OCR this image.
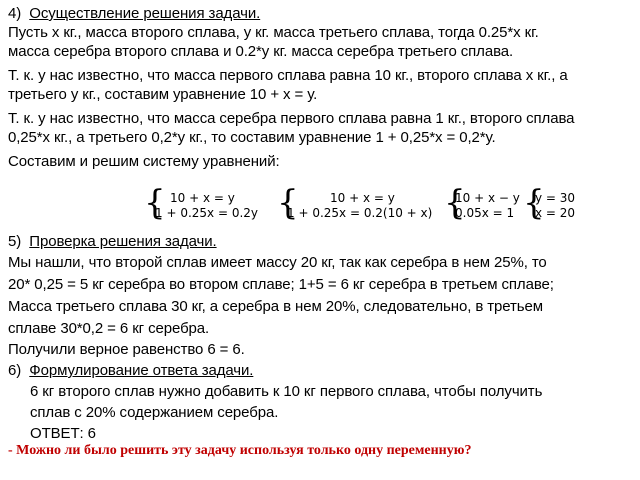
4) Осуществление решения задачи.
Пусть х кг., масса второго сплава, у кг. масса третьего сплава, тогда 0.25*х кг.
масса серебра второго сплава и 0.2*у кг. масса серебра третьего сплава.
Т. к. у нас известно, что масса первого сплава равна 10 кг., второго сплава х кг., а
третьего у кг., составим уравнение 10 + х = у.
Т. к. у нас известно, что масса серебра первого сплава равна 1 кг., второго сплава
0,25*х кг., а третьего 0,2*у кг., то составим уравнение 1 + 0,25*х = 0,2*у.
Составим и решим систему уравнений:
{ 10 + x = y
1 + 0.25x = 0.2y {	10 + x = y
1 + 0.25x = 0.2(10 + x) {
10 + x − y
0.05x = 1 {
y = 30
x = 20
5) Проверка решения задачи.
Мы нашли, что второй сплав имеет массу 20 кг, так как серебра в нем 25%, то
20* 0,25 = 5 кг серебра во втором сплаве; 1+5 = 6 кг серебра в третьем сплаве;
Масса третьего сплава 30 кг, а серебра в нем 20%, следовательно, в третьем
сплаве 30*0,2 = 6 кг серебра.
Получили верное равенство 6 = 6.
6) Формулирование ответа задачи.
6 кг второго сплав нужно добавить к 10 кг первого сплава, чтобы получить
сплав с 20% содержанием серебра.
ОТВЕТ: 6
- Можно ли было решить эту задачу используя только одну переменную?
